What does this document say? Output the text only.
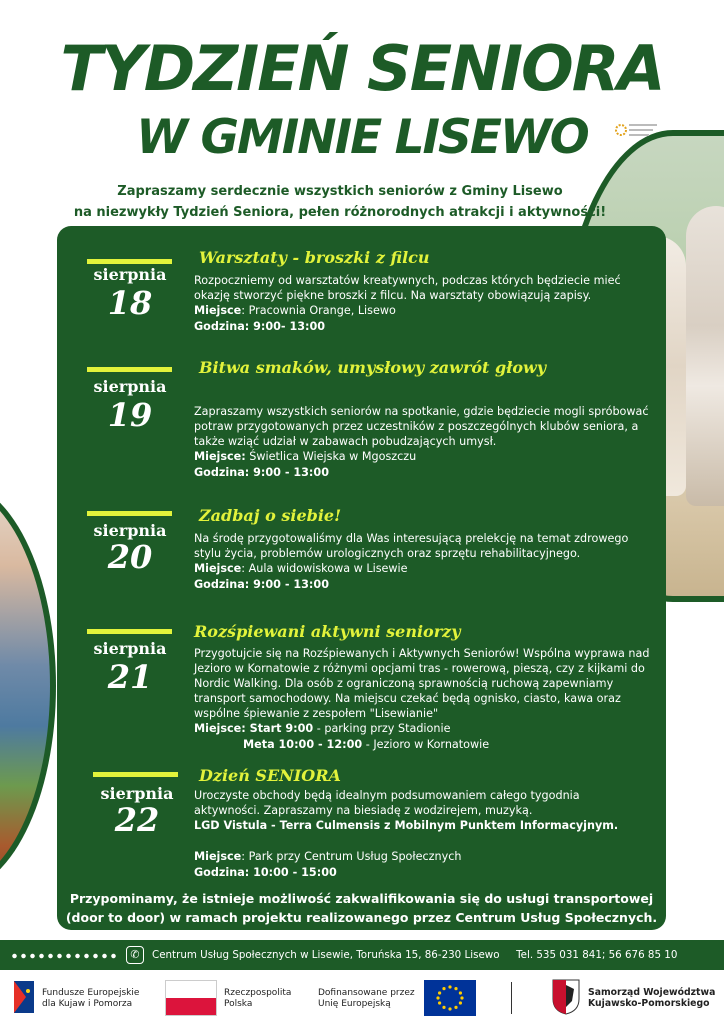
TYDZIEŃ SENIORA
W GMINIE LISEWO
Zapraszamy serdecznie wszystkich seniorów z Gminy Lisewo
na niezwykły Tydzień Seniora, pełen różnorodnych atrakcji i aktywności!
sierpnia
18
Warsztaty - broszki z filcu

Rozpoczniemy od warsztatów kreatywnych, podczas których będziecie mieć okazję stworzyć piękne broszki z filcu. Na warsztaty obowiązują zapisy.

Miejsce: Pracownia Orange, Lisewo

Godzina: 9:00- 13:00

sierpnia
19
Bitwa smaków, umysłowy zawrót głowy

Zapraszamy wszystkich seniorów na spotkanie, gdzie będziecie mogli spróbować potraw przygotowanych przez uczestników z poszczególnych klubów seniora, a także wziąć udział w zabawach pobudzających umysł.

Miejsce: Świetlica Wiejska w Mgoszczu

Godzina: 9:00 - 13:00

sierpnia
20
Zadbaj o siebie!

Na środę przygotowaliśmy dla Was interesującą prelekcję na temat zdrowego stylu życia, problemów urologicznych oraz sprzętu rehabilitacyjnego.

Miejsce: Aula widowiskowa w Lisewie

Godzina: 9:00 - 13:00

sierpnia
21
Rozśpiewani aktywni seniorzy

Przygotujcie się na Rozśpiewanych i Aktywnych Seniorów! Wspólna wyprawa nad Jezioro w Kornatowie z różnymi opcjami tras - rowerową, pieszą, czy z kijkami do Nordic Walking. Dla osób z ograniczoną sprawnością ruchową zapewniamy transport samochodowy. Na miejscu czekać będą ognisko, ciasto, kawa oraz wspólne śpiewanie z zespołem "Lisewianie"

Miejsce: Start 9:00 - parking przy Stadionie

Meta 10:00 - 12:00 - Jezioro w Kornatowie

sierpnia
22
Dzień SENIORA

Uroczyste obchody będą idealnym podsumowaniem całego tygodnia aktywności. Zapraszamy na biesiadę z wodzirejem, muzyką.

LGD Vistula - Terra Culmensis z Mobilnym Punktem Informacyjnym.

Miejsce: Park przy Centrum Usług Społecznych

Godzina: 10:00 - 15:00

Przypominamy, że istnieje możliwość zakwalifikowania się do usługi transportowej
(door to door) w ramach projektu realizowanego przez Centrum Usług Społecznych.
✆	Centrum Usług Społecznych w Lisewie, Toruńska 15, 86-230 Lisewo Tel. 535 031 841; 56 676 85 10
Fundusze Europejskie
dla Kujaw i Pomorza
Rzeczpospolita
Polska
Dofinansowane przez
Unię Europejską
Samorząd Województwa
Kujawsko-Pomorskiego
